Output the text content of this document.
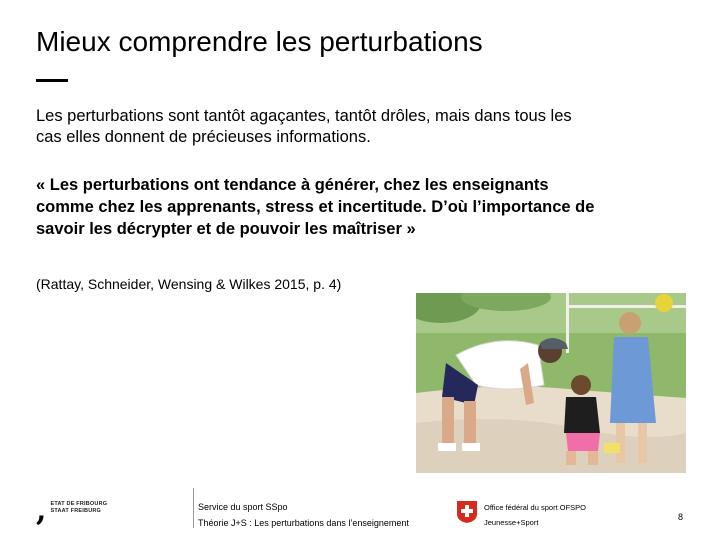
Mieux comprendre les perturbations

Les perturbations sont tantôt agaçantes, tantôt drôles, mais dans tous les cas elles donnent de précieuses informations.

« Les perturbations ont tendance à générer, chez les enseignants comme chez les apprenants, stress et incertitude. D’où l’importance de savoir les décrypter et de pouvoir les maîtriser »

(Rattay, Schneider, Wensing & Wilkes 2015, p. 4)

, ETAT DE FRIBOURG
STAAT FREIBURG	Service du sport SSpo
Théorie J+S : Les perturbations dans l’enseignement
Office fédéral du sport OFSPO
Jeunesse+Sport
8
